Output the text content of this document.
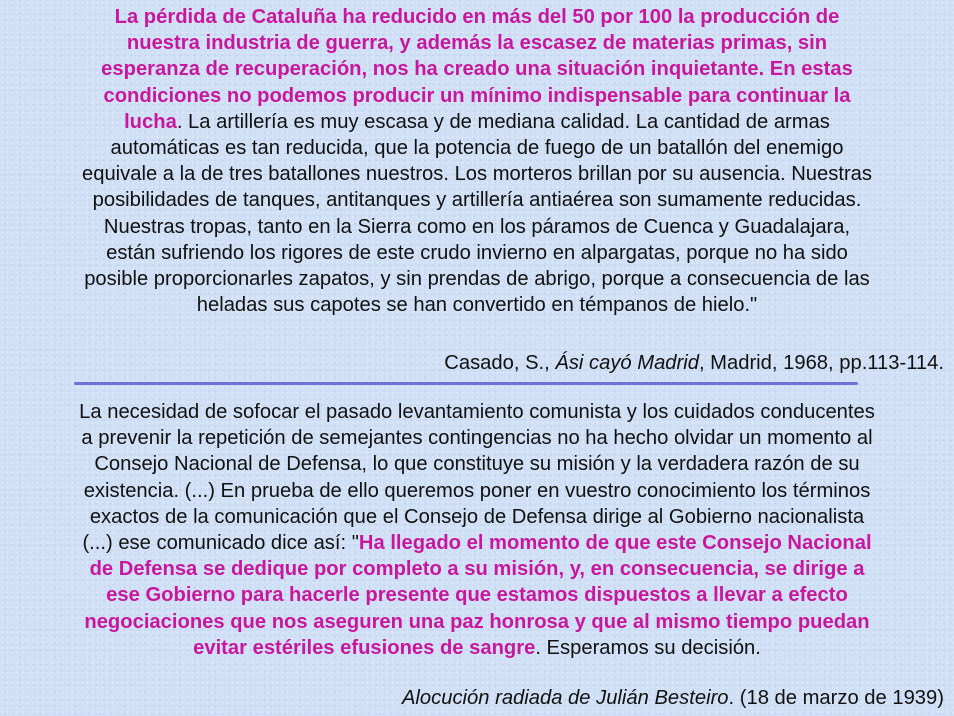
La pérdida de Cataluña ha reducido en más del 50 por 100 la producción de
nuestra industria de guerra, y además la escasez de materias primas, sin
esperanza de recuperación, nos ha creado una situación inquietante. En estas
condiciones no podemos producir un mínimo indispensable para continuar la
lucha. La artillería es muy escasa y de mediana calidad. La cantidad de armas
automáticas es tan reducida, que la potencia de fuego de un batallón del enemigo
equivale a la de tres batallones nuestros. Los morteros brillan por su ausencia. Nuestras
posibilidades de tanques, antitanques y artillería antiaérea son sumamente reducidas.
Nuestras tropas, tanto en la Sierra como en los páramos de Cuenca y Guadalajara,
están sufriendo los rigores de este crudo invierno en alpargatas, porque no ha sido
posible proporcionarles zapatos, y sin prendas de abrigo, porque a consecuencia de las
heladas sus capotes se han convertido en témpanos de hielo."
Casado, S., Ási cayó Madrid, Madrid, 1968, pp.113-114.
La necesidad de sofocar el pasado levantamiento comunista y los cuidados conducentes
a prevenir la repetición de semejantes contingencias no ha hecho olvidar un momento al
Consejo Nacional de Defensa, lo que constituye su misión y la verdadera razón de su
existencia. (...) En prueba de ello queremos poner en vuestro conocimiento los términos
exactos de la comunicación que el Consejo de Defensa dirige al Gobierno nacionalista
(...) ese comunicado dice así: "Ha llegado el momento de que este Consejo Nacional
de Defensa se dedique por completo a su misión, y, en consecuencia, se dirige a
ese Gobierno para hacerle presente que estamos dispuestos a llevar a efecto
negociaciones que nos aseguren una paz honrosa y que al mismo tiempo puedan
evitar estériles efusiones de sangre. Esperamos su decisión.
Alocución radiada de Julián Besteiro. (18 de marzo de 1939)
